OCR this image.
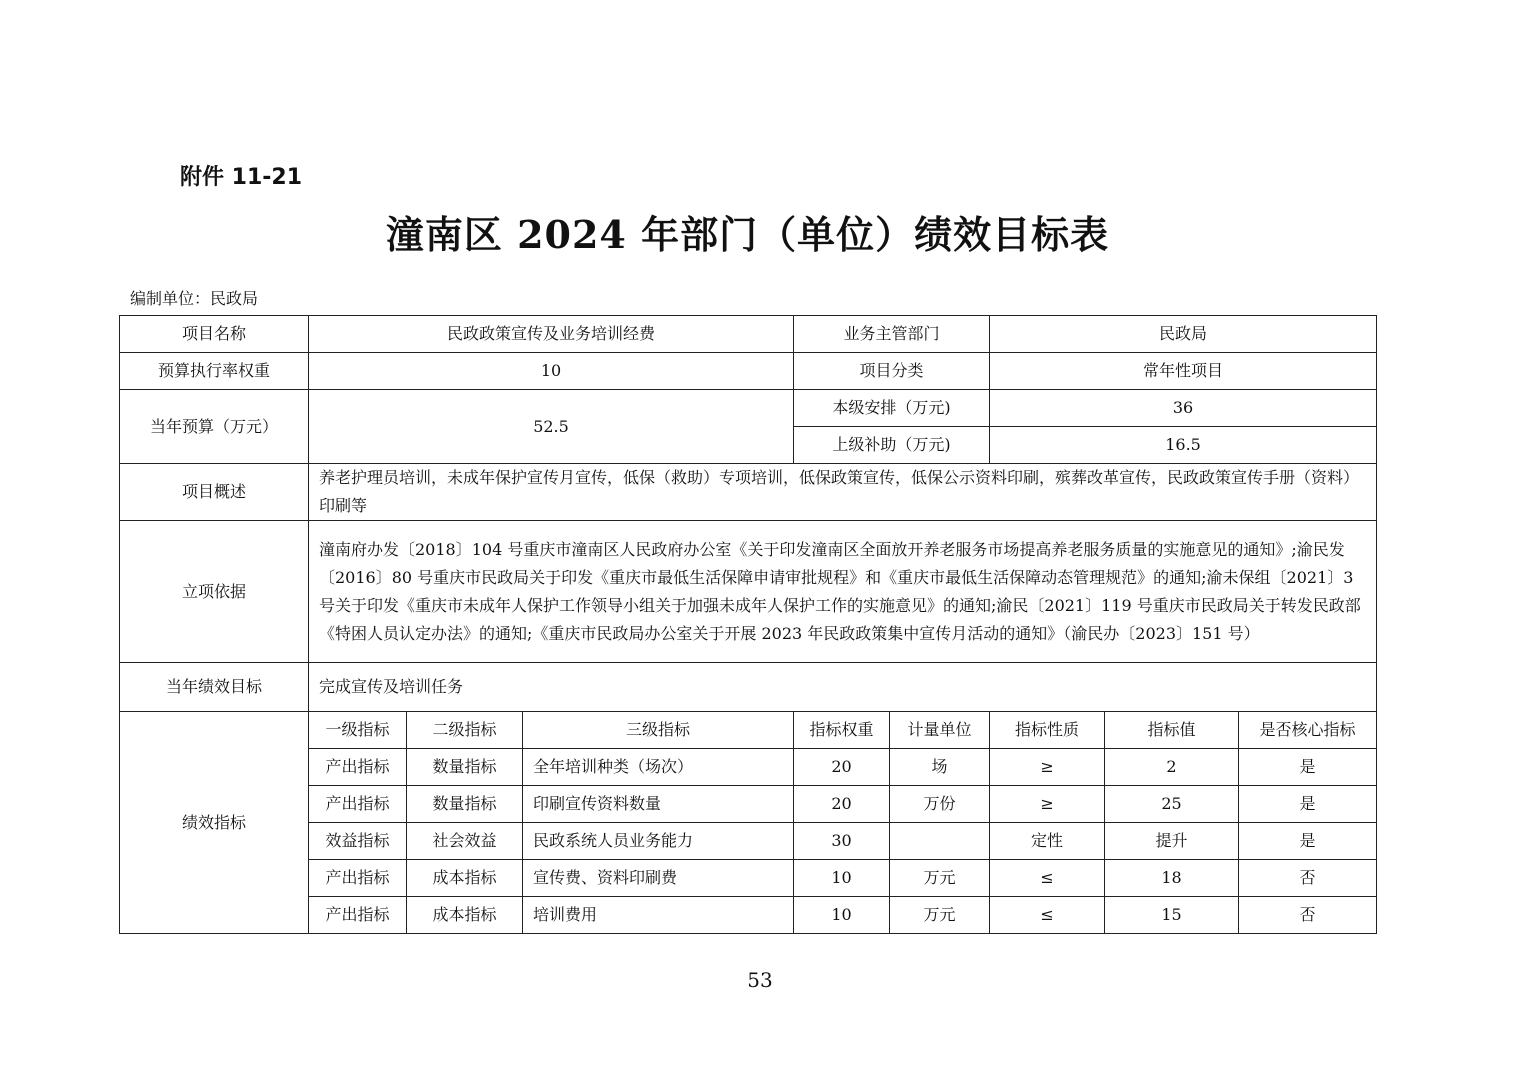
附件 11-21
潼南区 2024 年部门（单位）绩效目标表
编制单位：民政局
项目名称	民政政策宣传及业务培训经费			业务主管部门		民政局		
预算执行率权重	10			项目分类		常年性项目		
当年预算（万元）	52.5			本级安排（万元)		36		
				上级补助（万元)		16.5		
项目概述	养老护理员培训，未成年保护宣传月宣传，低保（救助）专项培训，低保政策宣传，低保公示资料印刷，殡葬改革宣传，民政政策宣传手册（资料）印刷等							
立项依据	潼南府办发〔2018〕104 号重庆市潼南区人民政府办公室《关于印发潼南区全面放开养老服务市场提高养老服务质量的实施意见的通知》;渝民发〔2016〕80 号重庆市民政局关于印发《重庆市最低生活保障申请审批规程》和《重庆市最低生活保障动态管理规范》的通知;渝未保组〔2021〕3 号关于印发《重庆市未成年人保护工作领导小组关于加强未成年人保护工作的实施意见》的通知;渝民〔2021〕119 号重庆市民政局关于转发民政部《特困人员认定办法》的通知;《重庆市民政局办公室关于开展 2023 年民政政策集中宣传月活动的通知》（渝民办〔2023〕151 号）							
当年绩效目标	完成宣传及培训任务							
绩效指标	一级指标	二级指标	三级指标	指标权重	计量单位	指标性质	指标值	是否核心指标
	产出指标	数量指标	全年培训种类（场次）	20	场	≥	2	是
	产出指标	数量指标	印刷宣传资料数量	20	万份	≥	25	是
	效益指标	社会效益	民政系统人员业务能力	30		定性	提升	是
	产出指标	成本指标	宣传费、资料印刷费	10	万元	≤	18	否
	产出指标	成本指标	培训费用	10	万元	≤	15	否
53
